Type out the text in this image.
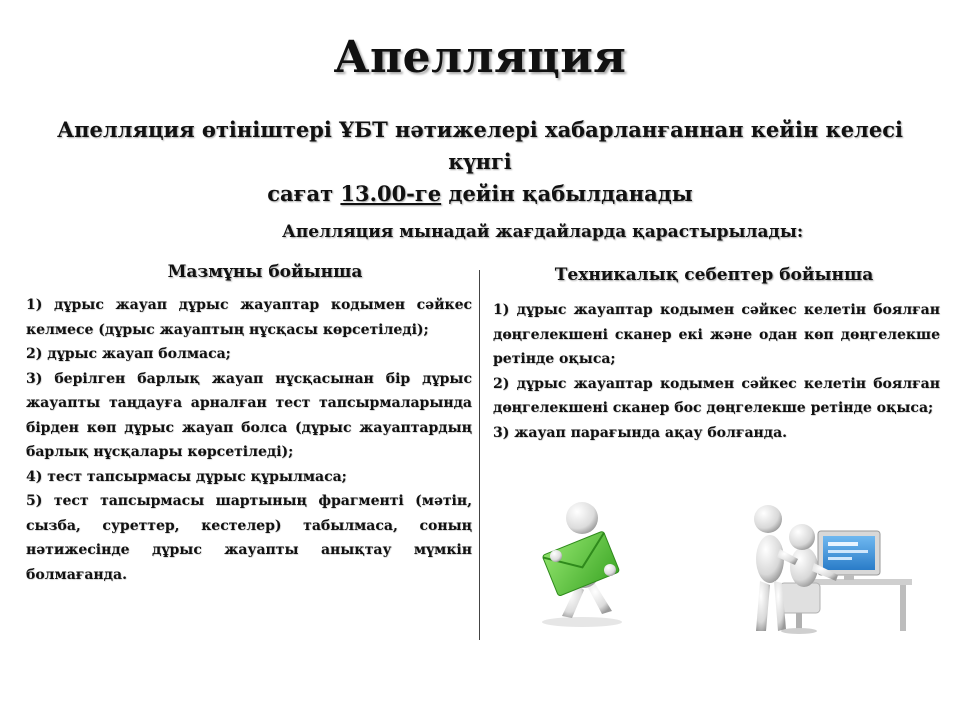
Апелляция
Апелляция өтініштері ҰБТ нәтижелері хабарланғаннан кейін келесі күнгі
сағат 13.00-ге дейін қабылданады
Апелляция мынадай жағдайларда қарастырылады:
Мазмұны бойынша	Техникалық себептер бойынша

1) дұрыс жауап дұрыс жауаптар кодымен сәйкес келмесе (дұрыс жауаптың нұсқасы көрсетіледі);

2) дұрыс жауап болмаса;

3) берілген барлық жауап нұсқасынан бір дұрыс жауапты таңдауға арналған тест тапсырмаларында бірден көп дұрыс жауап болса (дұрыс жауаптардың барлық нұсқалары көрсетіледі);

4) тест тапсырмасы дұрыс құрылмаса;

5) тест тапсырмасы шартының фрагменті (мәтін, сызба, суреттер, кестелер) табылмаса, соның нәтижесінде дұрыс жауапты анықтау мүмкін болмағанда.

1) дұрыс жауаптар кодымен сәйкес келетін боялған дөңгелекшені сканер екі және одан көп дөңгелекше ретінде оқыса;

2) дұрыс жауаптар кодымен сәйкес келетін боялған дөңгелекшені сканер бос дөңгелекше ретінде оқыса;

3) жауап парағында ақау болғанда.
